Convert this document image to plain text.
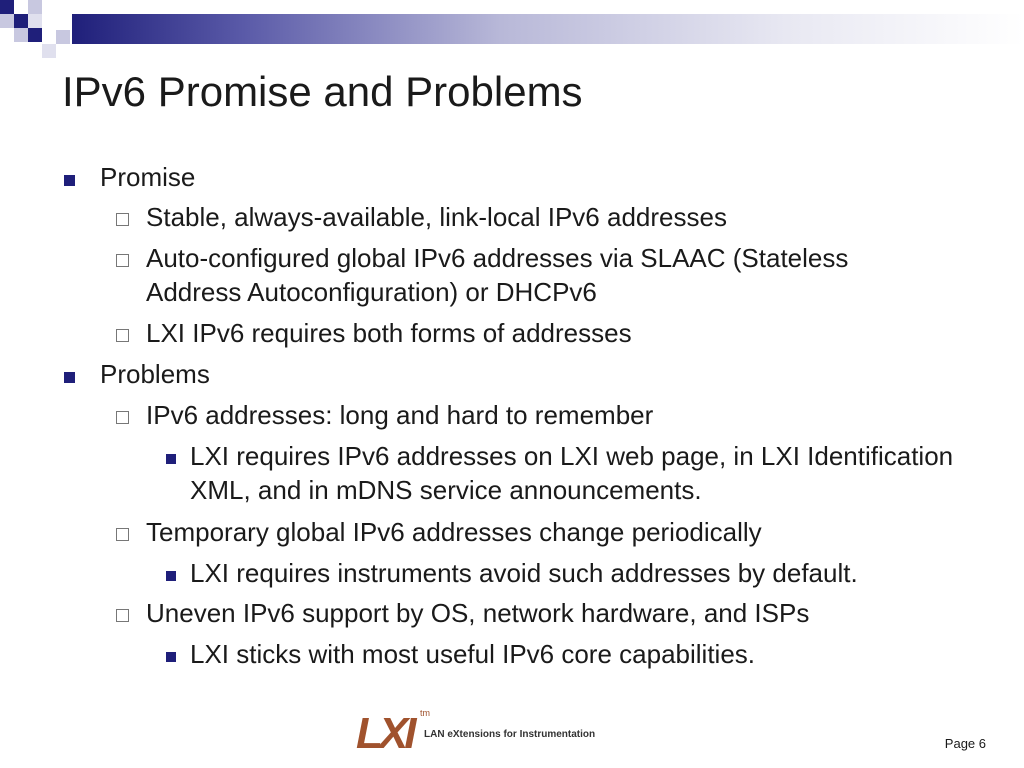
IPv6 Promise and Problems
Promise
Stable, always-available, link-local IPv6 addresses
Auto-configured global IPv6 addresses via SLAAC (Stateless Address Autoconfiguration) or DHCPv6
LXI IPv6 requires both forms of addresses
Problems
IPv6 addresses: long and hard to remember
LXI requires IPv6 addresses on LXI web page, in LXI Identification XML, and in mDNS service announcements.
Temporary global IPv6 addresses change periodically
LXI requires instruments avoid such addresses by default.
Uneven IPv6 support by OS, network hardware, and ISPs
LXI sticks with most useful IPv6 core capabilities.
LXI tm
LAN eXtensions for Instrumentation
Page 6
